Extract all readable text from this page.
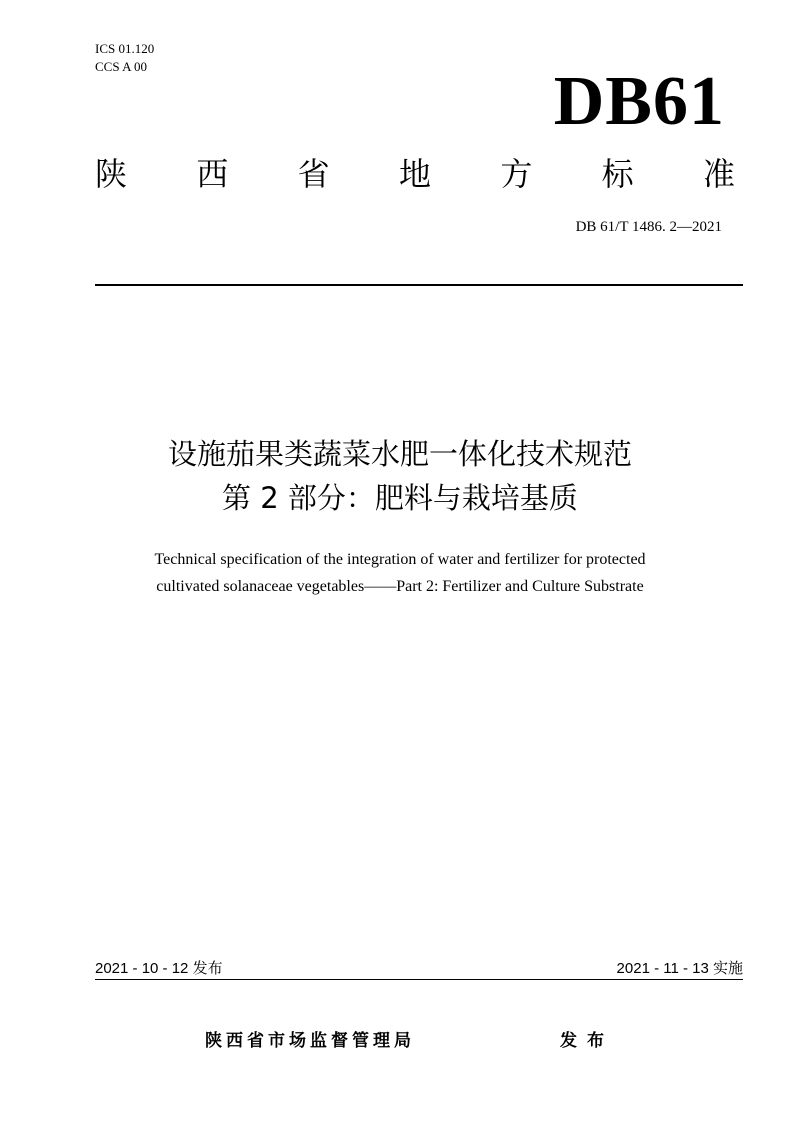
ICS 01.120
CCS A 00	DB61
陕 西 省 地 方 标 准
DB 61/T 1486. 2—2021
设施茄果类蔬菜水肥一体化技术规范
第 2 部分：肥料与栽培基质
Technical specification of the integration of water and fertilizer for protected
cultivated solanaceae vegetables——Part 2: Fertilizer and Culture Substrate
2021 - 10 - 12 发布	2021 - 11 - 13 实施
陕西省市场监督管理局	发布
